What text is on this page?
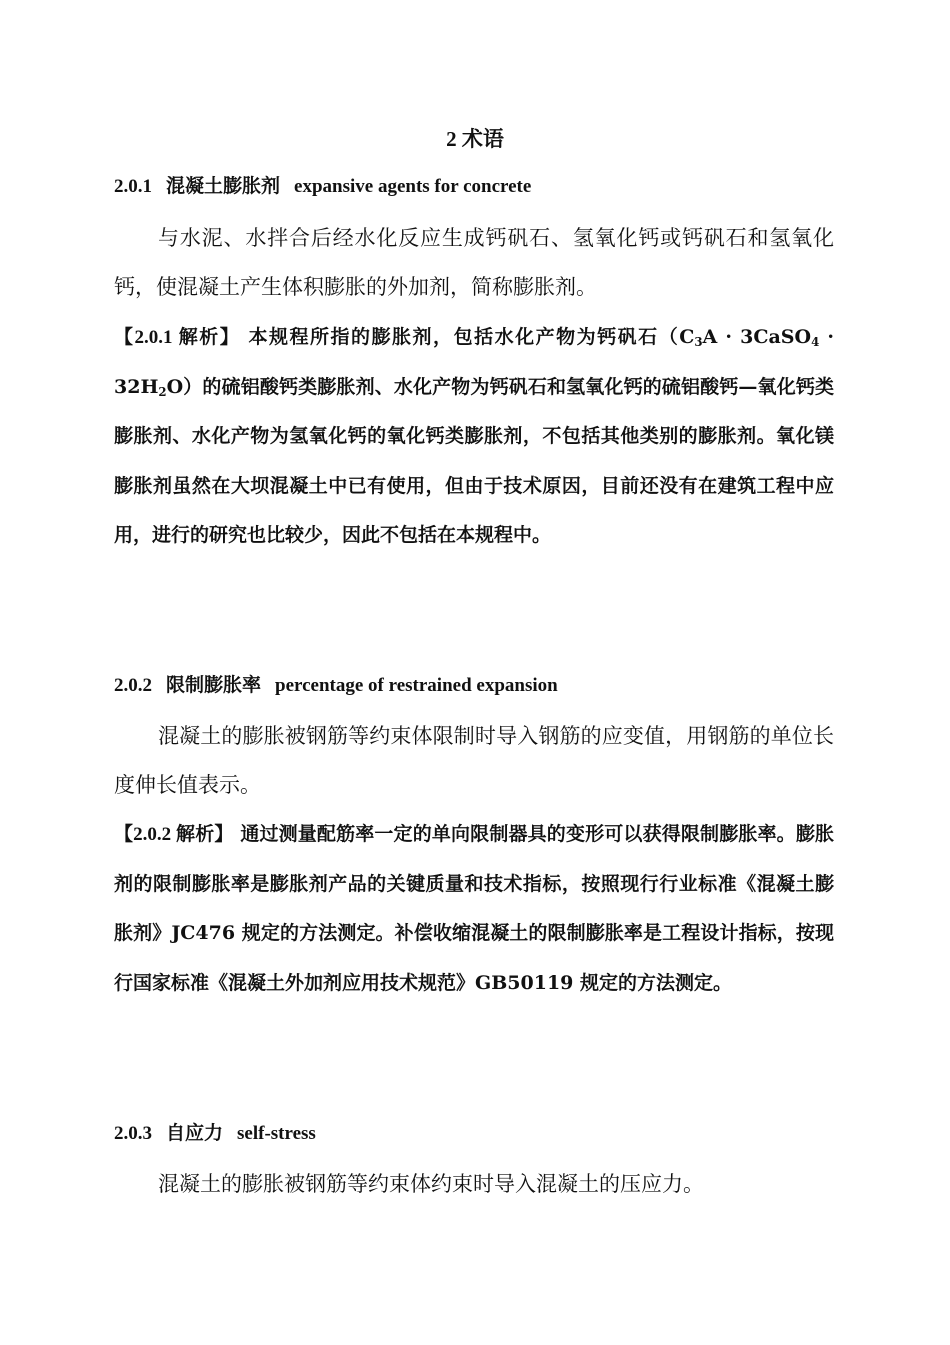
2 术语
2.0.1 混凝土膨胀剂 expansive agents for concrete
与水泥、水拌合后经水化反应生成钙矾石、氢氧化钙或钙矾石和氢氧化钙，使混凝土产生体积膨胀的外加剂，简称膨胀剂。
【2.0.1 解析】 本规程所指的膨胀剂，包括水化产物为钙矾石（$C_3A$ · 3CaSO$_4$ · $32H_2O$）的硫铝酸钙类膨胀剂、水化产物为钙矾石和氢氧化钙的硫铝酸钙—氧化钙类膨胀剂、水化产物为氢氧化钙的氧化钙类膨胀剂，不包括其他类别的膨胀剂。氧化镁膨胀剂虽然在大坝混凝土中已有使用，但由于技术原因，目前还没有在建筑工程中应用，进行的研究也比较少，因此不包括在本规程中。
2.0.2 限制膨胀率 percentage of restrained expansion
混凝土的膨胀被钢筋等约束体限制时导入钢筋的应变值，用钢筋的单位长度伸长值表示。
【2.0.2 解析】 通过测量配筋率一定的单向限制器具的变形可以获得限制膨胀率。膨胀剂的限制膨胀率是膨胀剂产品的关键质量和技术指标，按照现行行业标准《混凝土膨胀剂》JC476 规定的方法测定。补偿收缩混凝土的限制膨胀率是工程设计指标，按现行国家标准《混凝土外加剂应用技术规范》GB50119 规定的方法测定。
2.0.3 自应力 self-stress
混凝土的膨胀被钢筋等约束体约束时导入混凝土的压应力。
